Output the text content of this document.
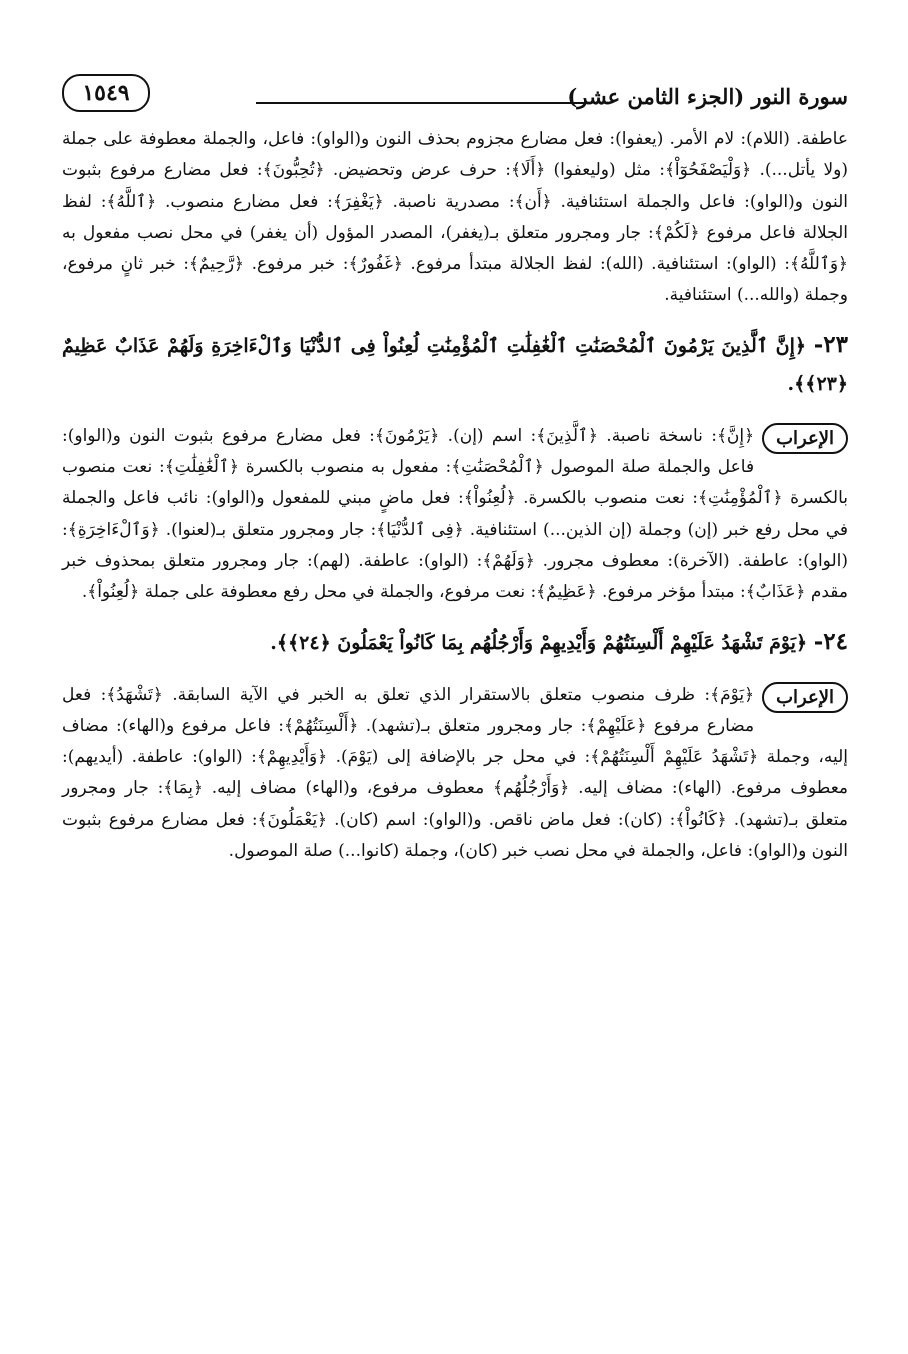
سورة النور (الجزء الثامن عشر)
١٥٤٩

عاطفة. (اللام): لام الأمر. (يعفوا): فعل مضارع مجزوم بحذف النون و(الواو): فاعل، والجملة معطوفة على جملة (ولا يأتل...). ﴿وَلْيَصْفَحُوٓاْ﴾: مثل (وليعفوا) ﴿أَلَا﴾: حرف عرض وتحضيض. ﴿تُحِبُّونَ﴾: فعل مضارع مرفوع بثبوت النون و(الواو): فاعل والجملة استئنافية. ﴿أَن﴾: مصدرية ناصبة. ﴿يَغْفِرَ﴾: فعل مضارع منصوب. ﴿ٱللَّهُ﴾: لفظ الجلالة فاعل مرفوع ﴿لَكُمْ﴾: جار ومجرور متعلق بـ(يغفر)، المصدر المؤول (أن يغفر) في محل نصب مفعول به ﴿وَٱللَّهُ﴾: (الواو): استئنافية. (الله): لفظ الجلالة مبتدأ مرفوع. ﴿غَفُورٌ﴾: خبر مرفوع. ﴿رَّحِيمٌ﴾: خبر ثانٍ مرفوع، وجملة (والله...) استئنافية.

٢٣- ﴿إِنَّ ٱلَّذِينَ يَرْمُونَ ٱلْمُحْصَنَٰتِ ٱلْغَٰفِلَٰتِ ٱلْمُؤْمِنَٰتِ لُعِنُواْ فِى ٱلدُّنْيَا وَٱلْءَاخِرَةِ وَلَهُمْ عَذَابٌ عَظِيمٌ ﴿٢٣﴾﴾.
الإعراب
﴿إِنَّ﴾: ناسخة ناصبة. ﴿ٱلَّذِينَ﴾: اسم (إن). ﴿يَرْمُونَ﴾: فعل مضارع مرفوع بثبوت النون و(الواو): فاعل والجملة صلة الموصول ﴿ٱلْمُحْصَنَٰتِ﴾: مفعول به منصوب بالكسرة ﴿ٱلْغَٰفِلَٰتِ﴾: نعت منصوب بالكسرة ﴿ٱلْمُؤْمِنَٰتِ﴾: نعت منصوب بالكسرة. ﴿لُعِنُواْ﴾: فعل ماضٍ مبني للمفعول و(الواو): نائب فاعل والجملة في محل رفع خبر (إن) وجملة (إن الذين...) استئنافية. ﴿فِى ٱلدُّنْيَا﴾: جار ومجرور متعلق بـ(لعنوا). ﴿وَٱلْءَاخِرَةِ﴾: (الواو): عاطفة. (الآخرة): معطوف مجرور. ﴿وَلَهُمْ﴾: (الواو): عاطفة. (لهم): جار ومجرور متعلق بمحذوف خبر مقدم ﴿عَذَابٌ﴾: مبتدأ مؤخر مرفوع. ﴿عَظِيمٌ﴾: نعت مرفوع، والجملة في محل رفع معطوفة على جملة ﴿لُعِنُواْ﴾.
٢٤- ﴿يَوْمَ تَشْهَدُ عَلَيْهِمْ أَلْسِنَتُهُمْ وَأَيْدِيهِمْ وَأَرْجُلُهُم بِمَا كَانُواْ يَعْمَلُونَ ﴿٢٤﴾﴾.
الإعراب
﴿يَوْمَ﴾: ظرف منصوب متعلق بالاستقرار الذي تعلق به الخبر في الآية السابقة. ﴿تَشْهَدُ﴾: فعل مضارع مرفوع ﴿عَلَيْهِمْ﴾: جار ومجرور متعلق بـ(تشهد). ﴿أَلْسِنَتُهُمْ﴾: فاعل مرفوع و(الهاء): مضاف إليه، وجملة ﴿تَشْهَدُ عَلَيْهِمْ أَلْسِنَتُهُمْ﴾: في محل جر بالإضافة إلى (يَوْمَ). ﴿وَأَيْدِيهِمْ﴾: (الواو): عاطفة. (أيديهم): معطوف مرفوع. (الهاء): مضاف إليه. ﴿وَأَرْجُلُهُم﴾ معطوف مرفوع، و(الهاء) مضاف إليه. ﴿بِمَا﴾: جار ومجرور متعلق بـ(تشهد). ﴿كَانُواْ﴾: (كان): فعل ماض ناقص. و(الواو): اسم (كان). ﴿يَعْمَلُونَ﴾: فعل مضارع مرفوع بثبوت النون و(الواو): فاعل، والجملة في محل نصب خبر (كان)، وجملة (كانوا...) صلة الموصول.
